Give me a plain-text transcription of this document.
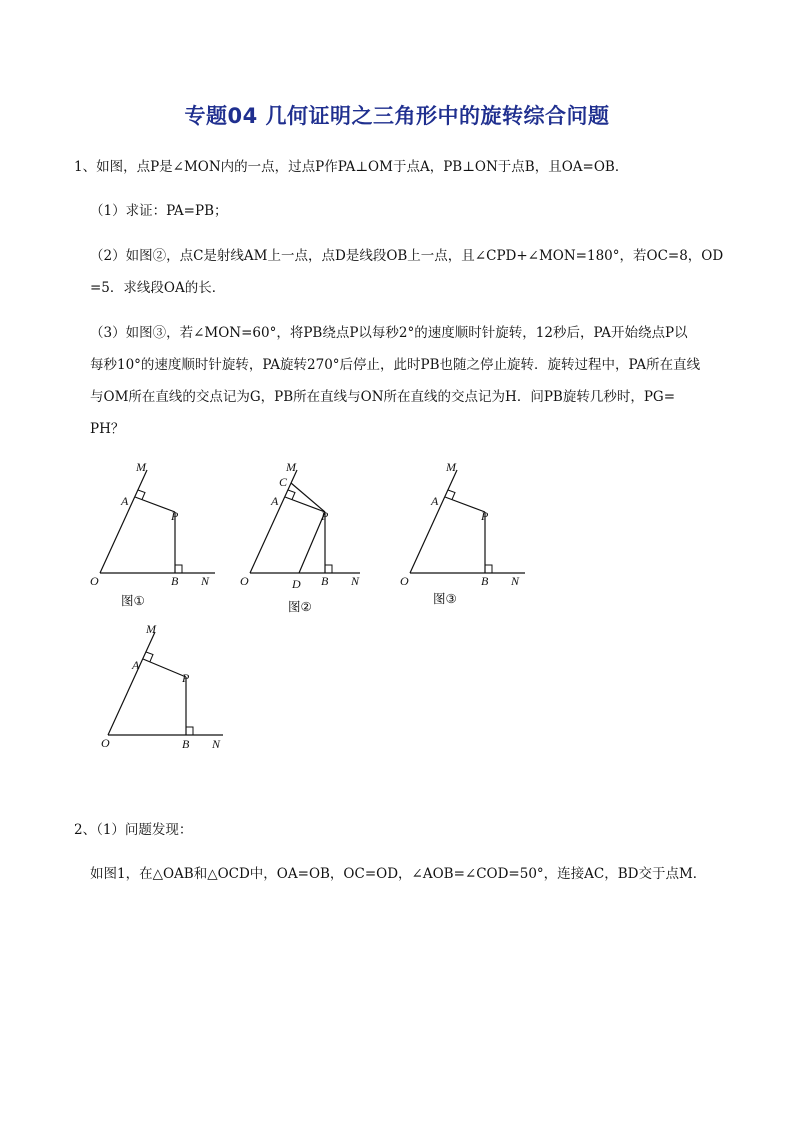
专题04 几何证明之三角形中的旋转综合问题
1、如图，点P是∠MON内的一点，过点P作PA⊥OM于点A，PB⊥ON于点B，且OA=OB．
（1）求证：PA=PB；
（2）如图②，点C是射线AM上一点，点D是线段OB上一点，且∠CPD+∠MON=180°，若OC=8，OD
=5．求线段OA的长．
（3）如图③，若∠MON=60°，将PB绕点P以每秒2°的速度顺时针旋转，12秒后，PA开始绕点P以
每秒10°的速度顺时针旋转，PA旋转270°后停止，此时PB也随之停止旋转．旋转过程中，PA所在直线
与OM所在直线的交点记为G，PB所在直线与ON所在直线的交点记为H．问PB旋转几秒时，PG=
PH？
M
A
P
O	B N
图①
M
C
A
P
O	D B N
图②
M
A
P
O	B N
图③
M
A
P
O	B N
2、（1）问题发现：
如图1，在△OAB和△OCD中，OA=OB，OC=OD，∠AOB=∠COD=50°，连接AC，BD交于点M．
